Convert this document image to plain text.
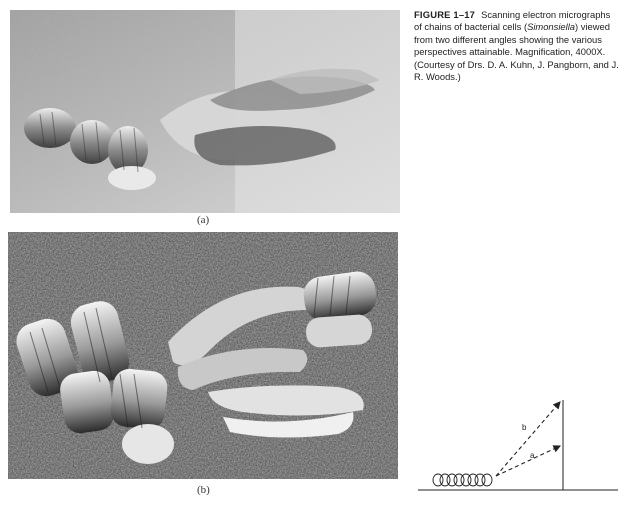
(a)
(b)
FIGURE 1–17 Scanning electron micrographs of chains of bacterial cells (Simonsiella) viewed from two different angles showing the various perspectives attainable. Magnification, 4000X. (Courtesy of Drs. D. A. Kuhn, J. Pangborn, and J. R. Woods.)
b
a
